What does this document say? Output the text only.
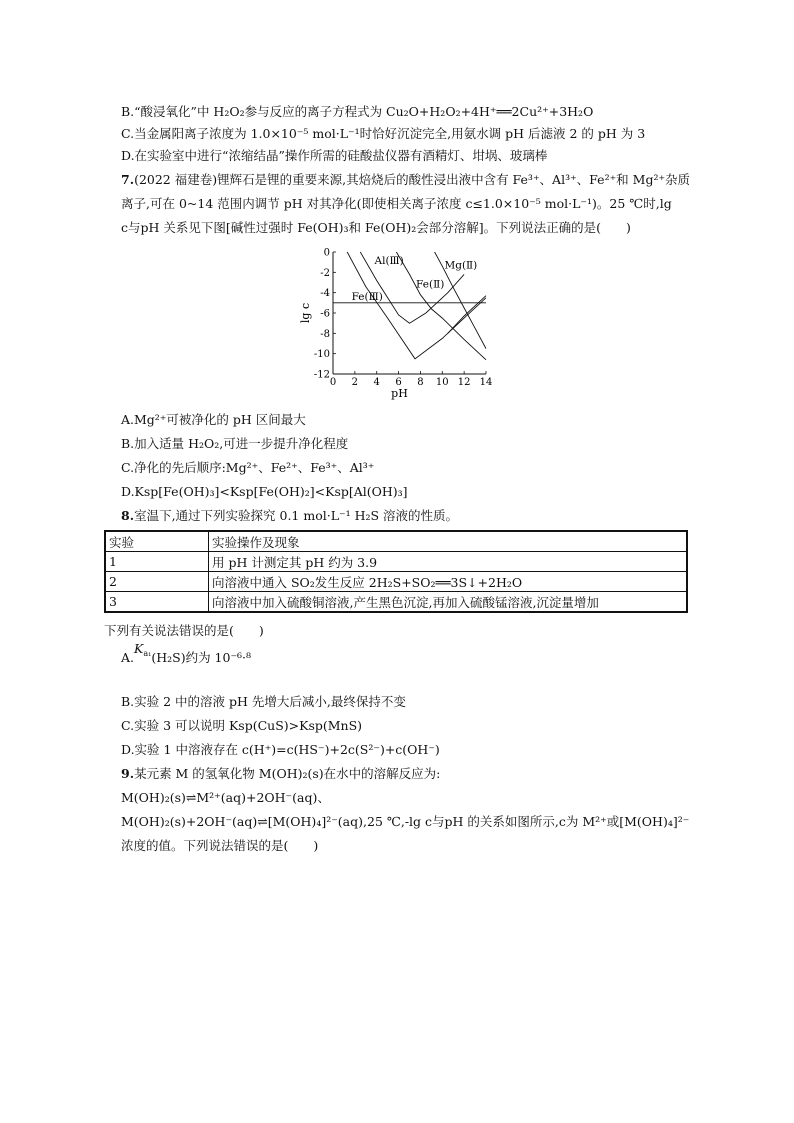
B.“酸浸氧化”中 H₂O₂参与反应的离子方程式为 Cu₂O+H₂O₂+4H⁺══2Cu²⁺+3H₂O
C.当金属阳离子浓度为 1.0×10⁻⁵ mol·L⁻¹时恰好沉淀完全,用氨水调 pH 后滤液 2 的 pH 为 3
D.在实验室中进行“浓缩结晶”操作所需的硅酸盐仪器有酒精灯、坩埚、玻璃棒
7.(2022 福建卷)锂辉石是锂的重要来源,其焙烧后的酸性浸出液中含有 Fe³⁺、Al³⁺、Fe²⁺和 Mg²⁺杂质
离子,可在 0~14 范围内调节 pH 对其净化(即使相关离子浓度 c≤1.0×10⁻⁵ mol·L⁻¹)。25 ℃时,lg
c与pH 关系见下图[碱性过强时 Fe(OH)₃和 Fe(OH)₂会部分溶解]。下列说法正确的是(　　)
0 2 4 6 8 10 12 14
0
-2
-4
-6
-8
-10
-12
pH
lg c
Fe(Ⅲ)
Al(Ⅲ)
Fe(Ⅱ)
Mg(Ⅱ)
A.Mg²⁺可被净化的 pH 区间最大
B.加入适量 H₂O₂,可进一步提升净化程度
C.净化的先后顺序:Mg²⁺、Fe²⁺、Fe³⁺、Al³⁺
D.Ksp[Fe(OH)₃]<Ksp[Fe(OH)₂]<Ksp[Al(OH)₃]
8.室温下,通过下列实验探究 0.1 mol·L⁻¹ H₂S 溶液的性质。
实验	实验操作及现象
1	用 pH 计测定其 pH 约为 3.9
2	向溶液中通入 SO₂发生反应 2H₂S+SO₂══3S↓+2H₂O
3	向溶液中加入硫酸铜溶液,产生黑色沉淀,再加入硫酸锰溶液,沉淀量增加
下列有关说法错误的是(　　)
$A.K^{a_1}(H_2S)$约为 10⁻⁶·⁸
B.实验 2 中的溶液 pH 先增大后减小,最终保持不变
C.实验 3 可以说明 Ksp(CuS)>Ksp(MnS)
D.实验 1 中溶液存在 c(H⁺)=c(HS⁻)+2c(S²⁻)+c(OH⁻)
9.某元素 M 的氢氧化物 M(OH)₂(s)在水中的溶解反应为:
M(OH)₂(s)⇌M²⁺(aq)+2OH⁻(aq)、
M(OH)₂(s)+2OH⁻(aq)⇌[M(OH)₄]²⁻(aq),25 ℃,-lg c与pH 的关系如图所示,c为 M²⁺或[M(OH)₄]²⁻
浓度的值。下列说法错误的是(　　)
